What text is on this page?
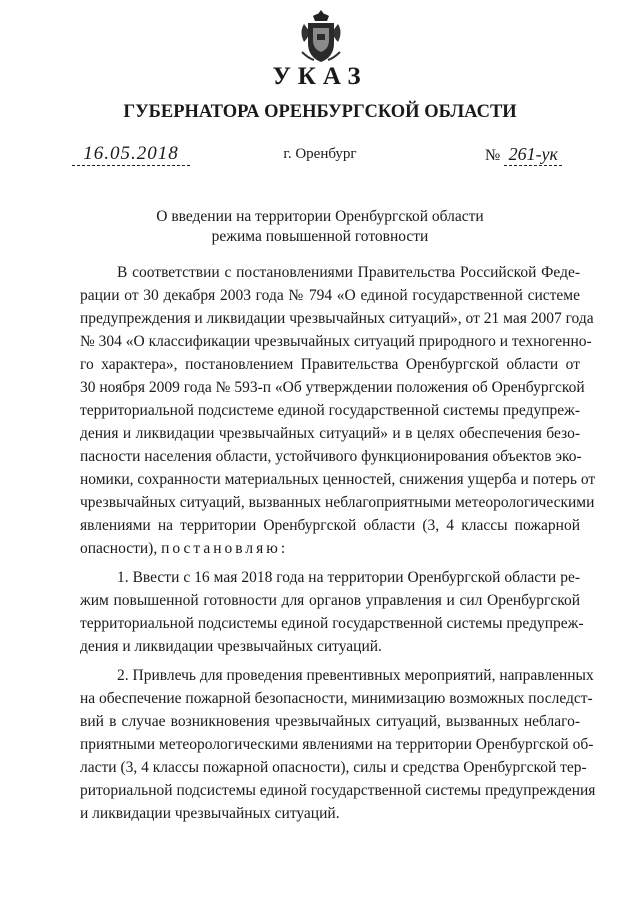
УКАЗ
ГУБЕРНАТОРА ОРЕНБУРГСКОЙ ОБЛАСТИ
16.05.2018	г. Оренбург	№ 261-ук
О введении на территории Оренбургской области
режима повышенной готовности
В соответствии с постановлениями Правительства Российской Феде-
рации от 30 декабря 2003 года № 794 «О единой государственной системе
предупреждения и ликвидации чрезвычайных ситуаций», от 21 мая 2007 года
№ 304 «О классификации чрезвычайных ситуаций природного и техногенно-
го характера», постановлением Правительства Оренбургской области от
30 ноября 2009 года № 593-п «Об утверждении положения об Оренбургской
территориальной подсистеме единой государственной системы предупреж-
дения и ликвидации чрезвычайных ситуаций» и в целях обеспечения безо-
пасности населения области, устойчивого функционирования объектов эко-
номики, сохранности материальных ценностей, снижения ущерба и потерь от
чрезвычайных ситуаций, вызванных неблагоприятными метеорологическими
явлениями на территории Оренбургской области (3, 4 классы пожарной
опасности), постановляю:
1. Ввести с 16 мая 2018 года на территории Оренбургской области ре-
жим повышенной готовности для органов управления и сил Оренбургской
территориальной подсистемы единой государственной системы предупреж-
дения и ликвидации чрезвычайных ситуаций.
2. Привлечь для проведения превентивных мероприятий, направленных
на обеспечение пожарной безопасности, минимизацию возможных последст-
вий в случае возникновения чрезвычайных ситуаций, вызванных неблаго-
приятными метеорологическими явлениями на территории Оренбургской об-
ласти (3, 4 классы пожарной опасности), силы и средства Оренбургской тер-
риториальной подсистемы единой государственной системы предупреждения
и ликвидации чрезвычайных ситуаций.
